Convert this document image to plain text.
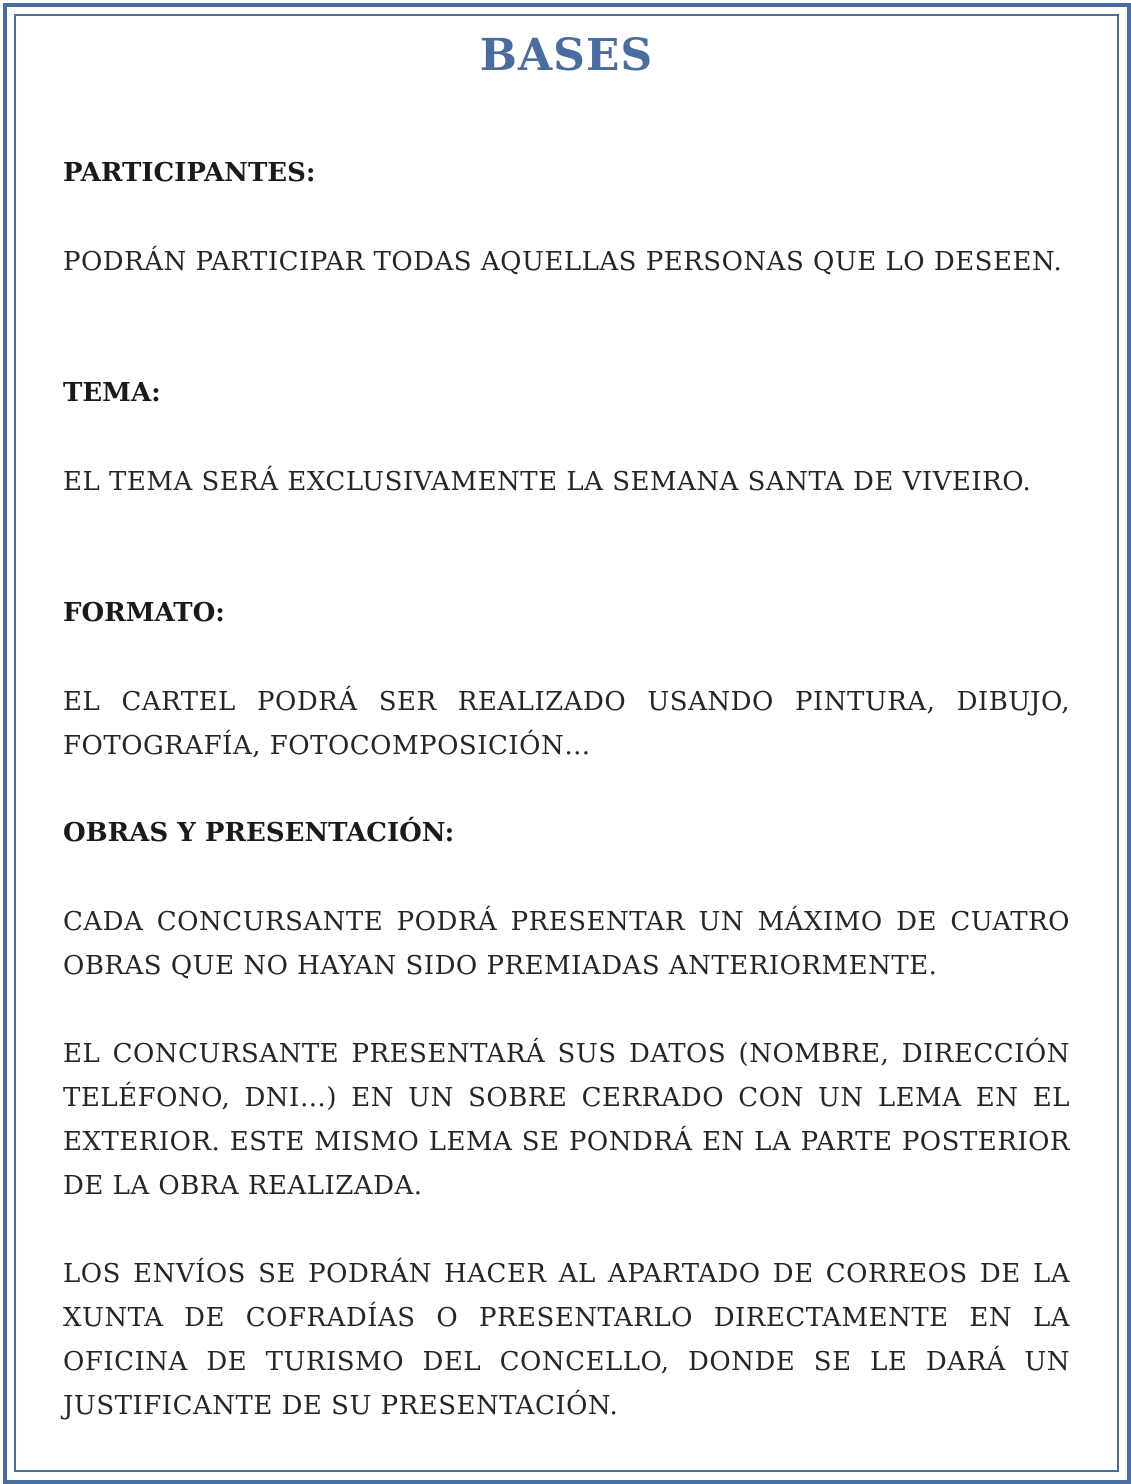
BASES
PARTICIPANTES:
PODRÁN PARTICIPAR TODAS AQUELLAS PERSONAS QUE LO DESEEN.
TEMA:
EL TEMA SERÁ EXCLUSIVAMENTE LA SEMANA SANTA DE VIVEIRO.
FORMATO:
EL CARTEL PODRÁ SER REALIZADO USANDO PINTURA, DIBUJO, FOTOGRAFÍA, FOTOCOMPOSICIÓN…
OBRAS Y PRESENTACIÓN:
CADA CONCURSANTE PODRÁ PRESENTAR UN MÁXIMO DE CUATRO OBRAS QUE NO HAYAN SIDO PREMIADAS ANTERIORMENTE.
EL CONCURSANTE PRESENTARÁ SUS DATOS (NOMBRE, DIRECCIÓN TELÉFONO, DNI…) EN UN SOBRE CERRADO CON UN LEMA EN EL EXTERIOR. ESTE MISMO LEMA SE PONDRÁ EN LA PARTE POSTERIOR DE LA OBRA REALIZADA.
LOS ENVÍOS SE PODRÁN HACER AL APARTADO DE CORREOS DE LA XUNTA DE COFRADÍAS O PRESENTARLO DIRECTAMENTE EN LA OFICINA DE TURISMO DEL CONCELLO, DONDE SE LE DARÁ UN JUSTIFICANTE DE SU PRESENTACIÓN.
